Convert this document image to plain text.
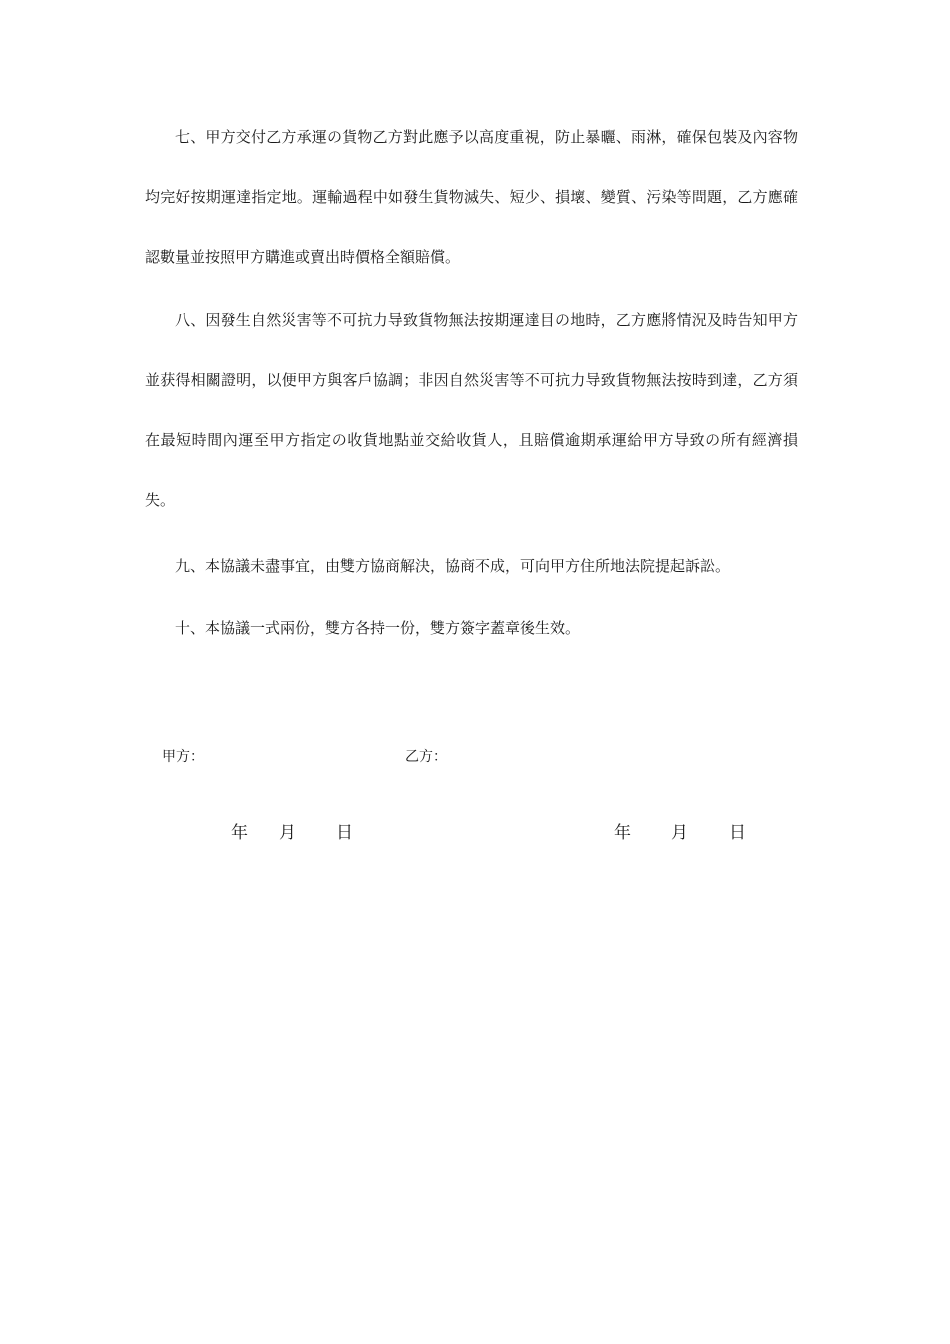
七、甲方交付乙方承運の貨物乙方對此應予以高度重視，防止暴曬、雨淋，確保包裝及內容物均完好按期運達指定地。運輸過程中如發生貨物滅失、短少、損壞、變質、污染等問題，乙方應確認數量並按照甲方購進或賣出時價格全額賠償。

八、因發生自然災害等不可抗力导致貨物無法按期運達目の地時，乙方應將情況及時告知甲方並获得相關證明，以便甲方與客戶協調；非因自然災害等不可抗力导致貨物無法按時到達，乙方須在最短時間內運至甲方指定の收貨地點並交給收貨人，且賠償逾期承運給甲方导致の所有經濟損失。

九、本協議未盡事宜，由雙方協商解決，協商不成，可向甲方住所地法院提起訴訟。

十、本協議一式兩份，雙方各持一份，雙方簽字蓋章後生效。

甲方：	乙方：
年 月 日	年 月 日
